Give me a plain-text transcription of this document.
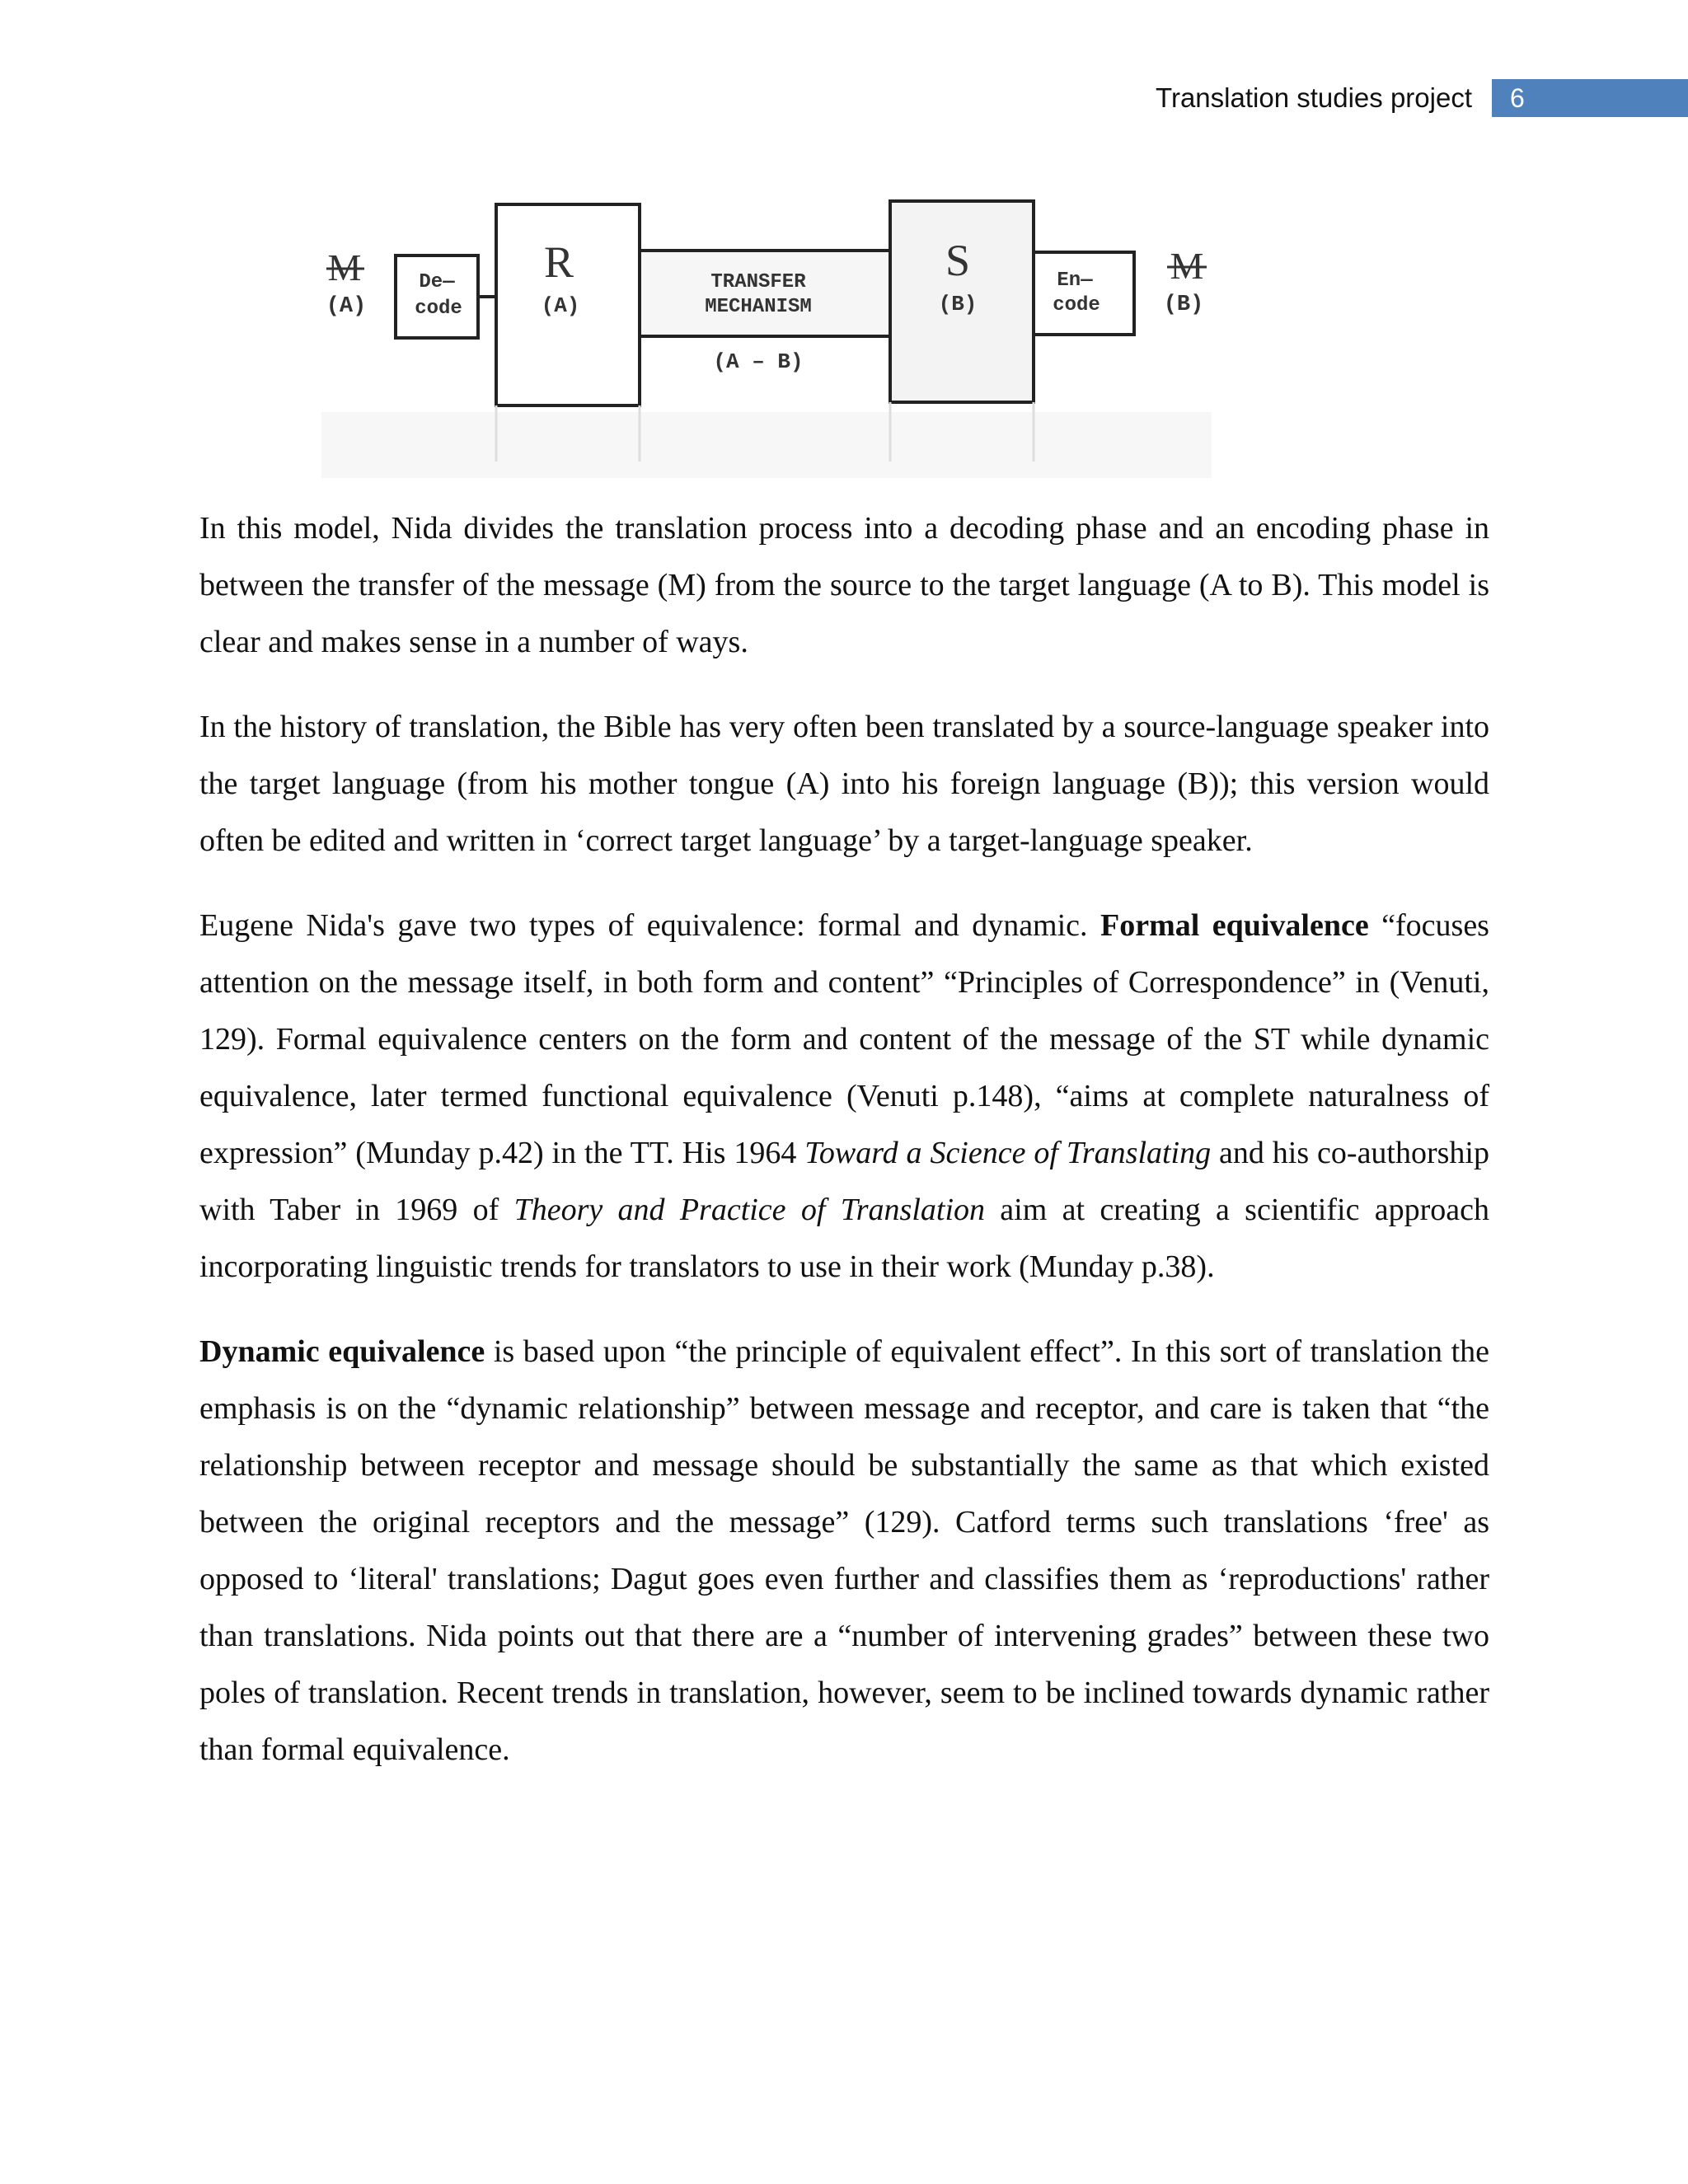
Translation studies project	6
M
(A)
De—
code
R
(A)
TRANSFER
MECHANISM
(A – B)
S
(B)
En—
code
M
(B)

In this model, Nida divides the translation process into a decoding phase and an encoding phase in between the transfer of the message (M) from the source to the target language (A to B). This model is clear and makes sense in a number of ways.

In the history of translation, the Bible has very often been translated by a source-language speaker into the target language (from his mother tongue (A) into his foreign language (B)); this version would often be edited and written in ‘correct target language’ by a target-language speaker.

Eugene Nida's gave two types of equivalence: formal and dynamic. Formal equivalence “focuses attention on the message itself, in both form and content” “Principles of Correspondence” in (Venuti, 129). Formal equivalence centers on the form and content of the message of the ST while dynamic equivalence, later termed functional equivalence (Venuti p.148), “aims at complete naturalness of expression” (Munday p.42) in the TT. His 1964 Toward a Science of Translating and his co-authorship with Taber in 1969 of Theory and Practice of Translation aim at creating a scientific approach incorporating linguistic trends for translators to use in their work (Munday p.38).

Dynamic equivalence is based upon “the principle of equivalent effect”. In this sort of translation the emphasis is on the “dynamic relationship” between message and receptor, and care is taken that “the relationship between receptor and message should be substantially the same as that which existed between the original receptors and the message” (129). Catford terms such translations ‘free' as opposed to ‘literal' translations; Dagut goes even further and classifies them as ‘reproductions' rather than translations. Nida points out that there are a “number of intervening grades” between these two poles of translation. Recent trends in translation, however, seem to be inclined towards dynamic rather than formal equivalence.
